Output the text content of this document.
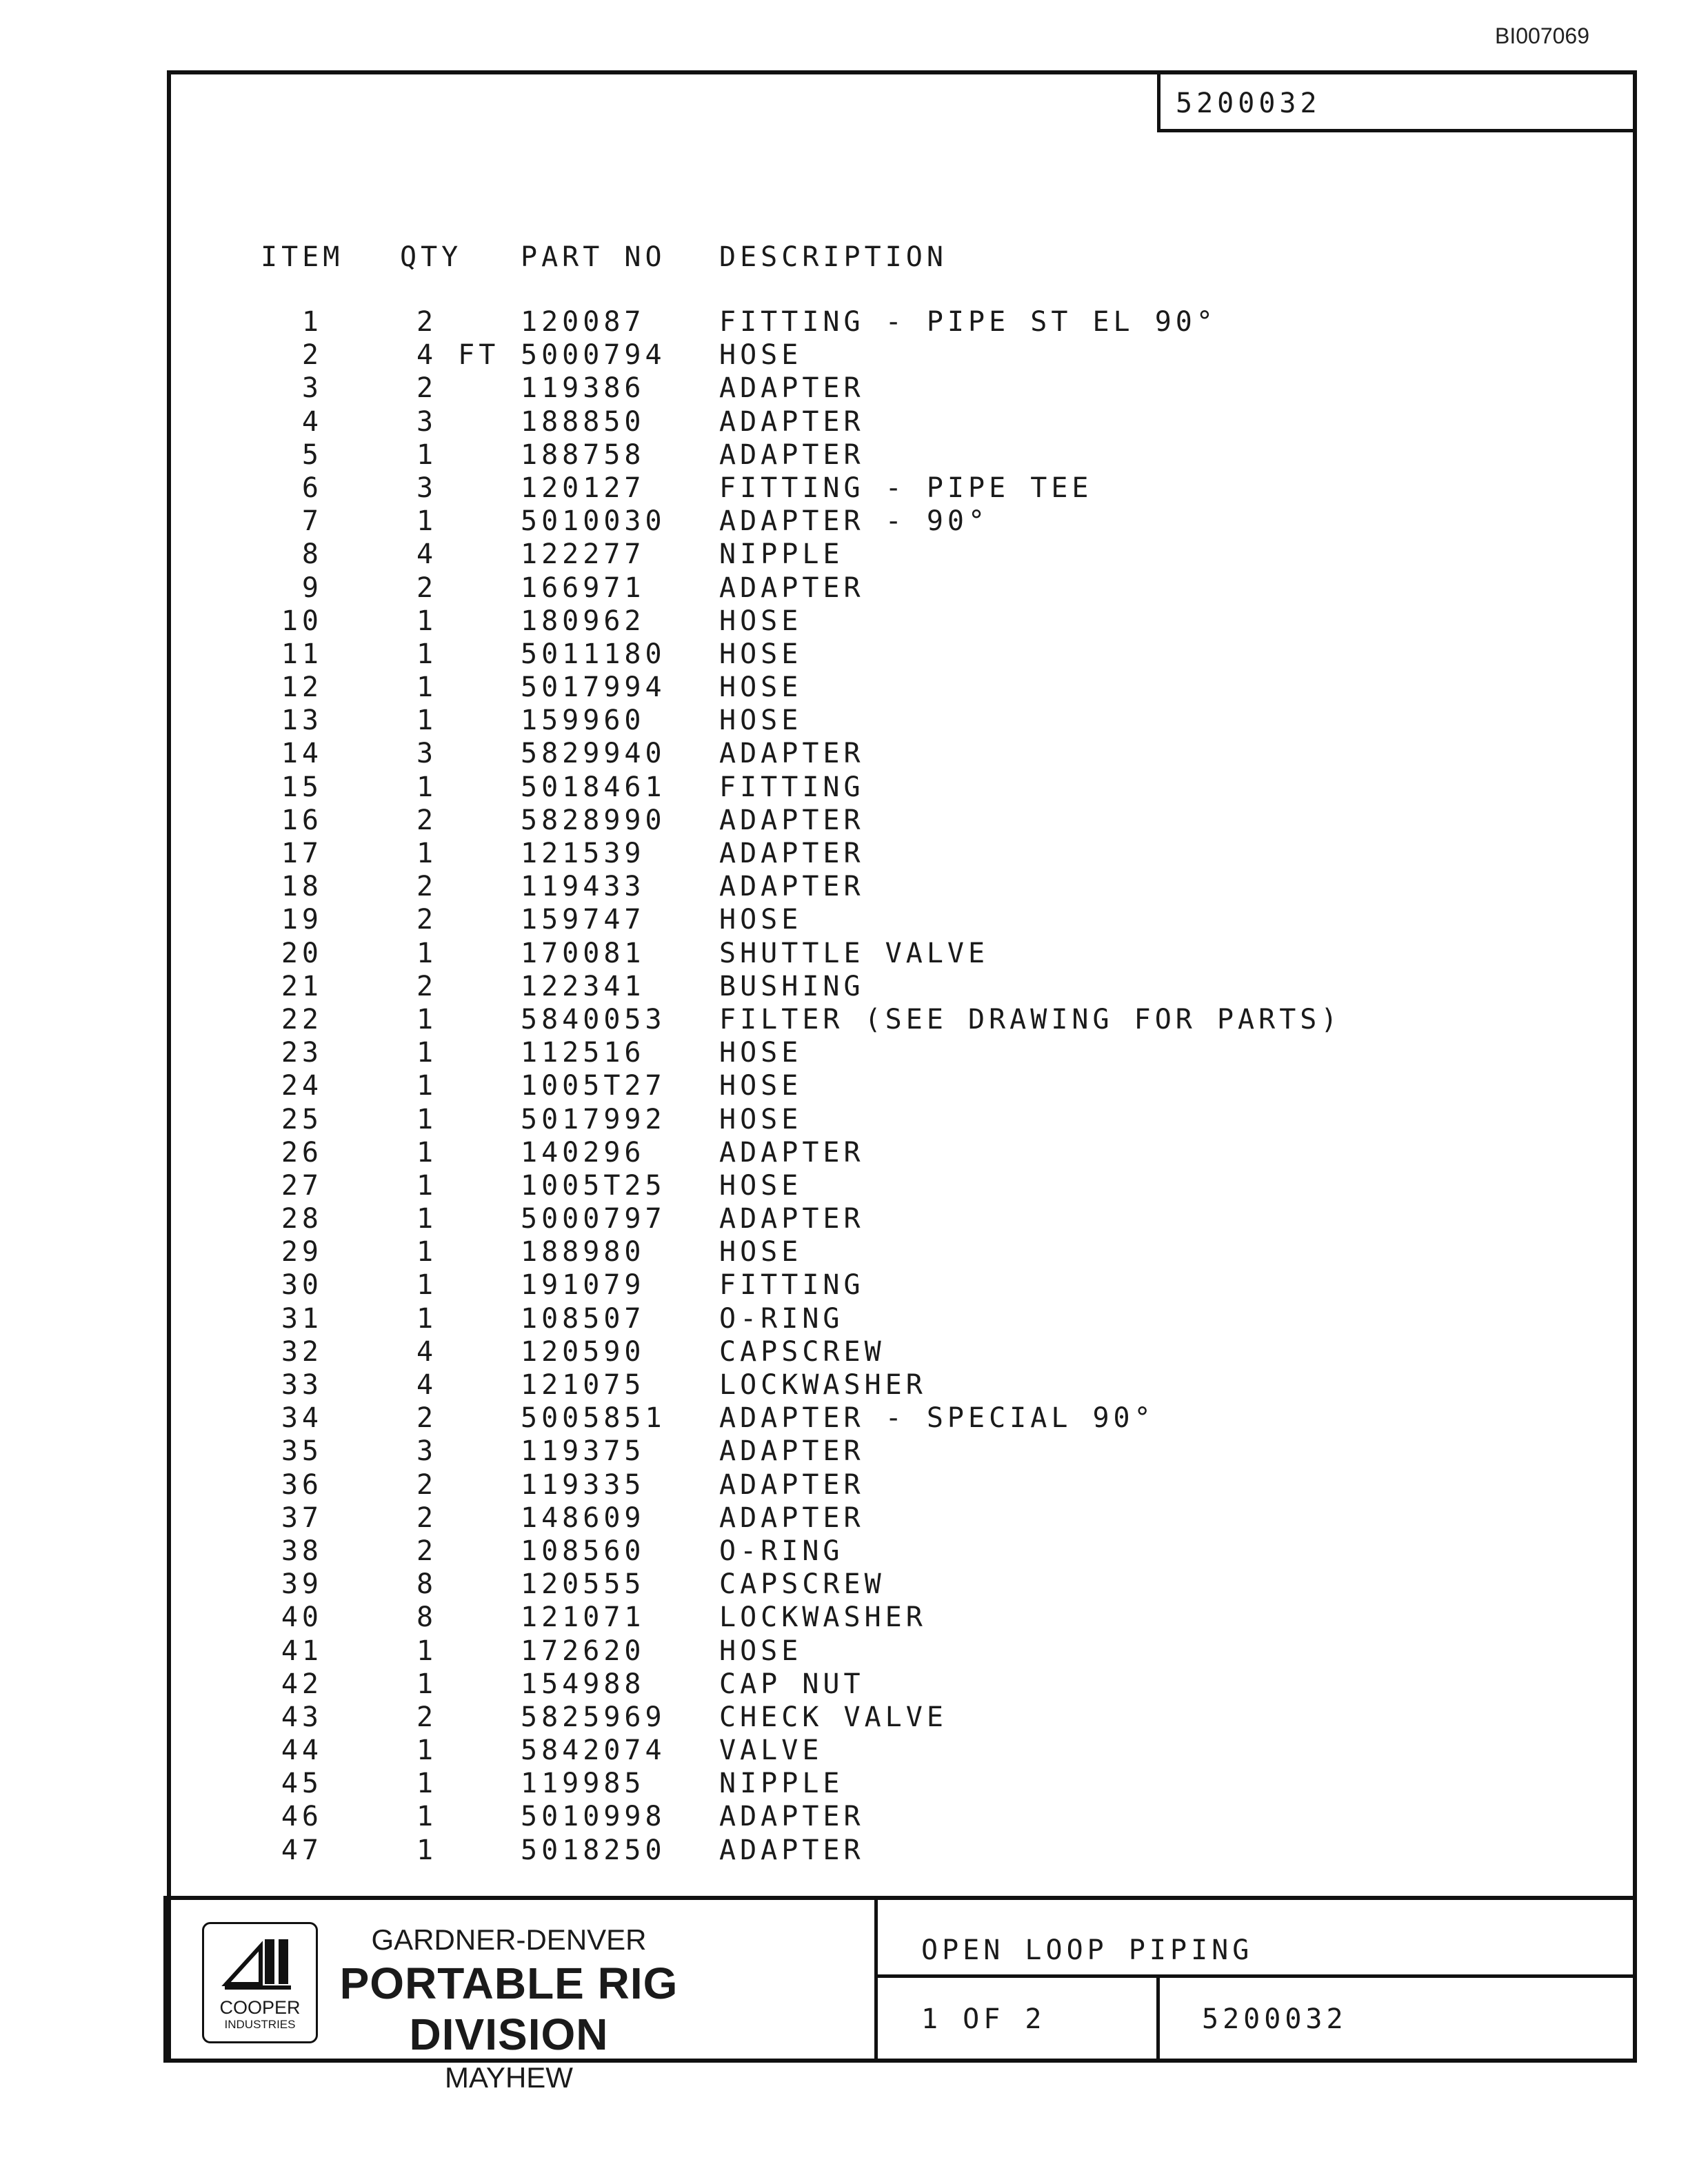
BI007069
5200032
ITEM QTY PART NO DESCRIPTION
1	2	120087	FITTING - PIPE ST EL 90°
2	4 FT 5000794 HOSE
3	2	119386	ADAPTER
4	3	188850	ADAPTER
5	1	188758	ADAPTER
6	3	120127	FITTING - PIPE TEE
7	1	5010030 ADAPTER - 90°
8	4	122277	NIPPLE
9	2	166971	ADAPTER
10	1	180962	HOSE
11	1	5011180 HOSE
12	1	5017994 HOSE
13	1	159960	HOSE
14	3	5829940 ADAPTER
15	1	5018461 FITTING
16	2	5828990 ADAPTER
17	1	121539	ADAPTER
18	2	119433	ADAPTER
19	2	159747	HOSE
20	1	170081	SHUTTLE VALVE
21	2	122341	BUSHING
22	1	5840053 FILTER (SEE DRAWING FOR PARTS)
23	1	112516	HOSE
24	1	1005T27 HOSE
25	1	5017992 HOSE
26	1	140296	ADAPTER
27	1	1005T25 HOSE
28	1	5000797 ADAPTER
29	1	188980	HOSE
30	1	191079	FITTING
31	1	108507	O-RING
32	4	120590	CAPSCREW
33	4	121075	LOCKWASHER
34	2	5005851 ADAPTER - SPECIAL 90°
35	3	119375	ADAPTER
36	2	119335	ADAPTER
37	2	148609	ADAPTER
38	2	108560	O-RING
39	8	120555	CAPSCREW
40	8	121071	LOCKWASHER
41	1	172620	HOSE
42	1	154988	CAP NUT
43	2	5825969 CHECK VALVE
44	1	5842074 VALVE
45	1	119985	NIPPLE
46	1	5010998 ADAPTER
47	1	5018250 ADAPTER
COOPER
INDUSTRIES
GARDNER-DENVER
PORTABLE RIG DIVISION
MAYHEW
OPEN LOOP PIPING
1 OF 2	5200032
